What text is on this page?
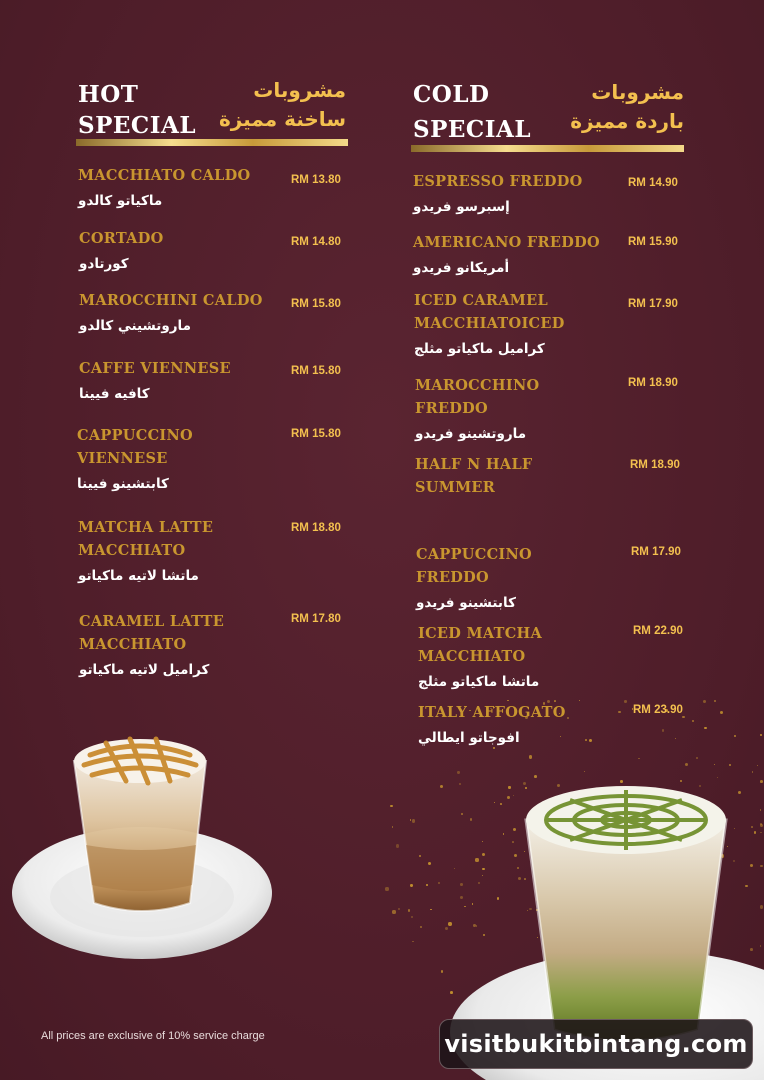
HOT
SPECIAL
مشروبات
ساخنة مميزة
COLD
SPECIAL
مشروبات
باردة مميزة
MACCHIATO CALDO
ماكياتو كالدو
RM 13.80
CORTADO
كورتادو
RM 14.80
MAROCCHINI CALDO
ماروتشيني كالدو
RM 15.80
CAFFE VIENNESE
كافيه فيينا
RM 15.80
CAPPUCCINO VIENNESE
كابتشينو فيينا
RM 15.80
MATCHA LATTE MACCHIATO
ماتشا لاتيه ماكياتو
RM 18.80
CARAMEL LATTE MACCHIATO
كراميل لاتيه ماكياتو
RM 17.80
ESPRESSO FREDDO
إسبرسو فريدو
RM 14.90
AMERICANO FREDDO
أمريكانو فريدو
RM 15.90
ICED CARAMEL MACCHIATOICED
كراميل ماكياتو مثلج
RM 17.90
MAROCCHINO FREDDO
ماروتشينو فريدو
RM 18.90
HALF N HALF SUMMER
RM 18.90
CAPPUCCINO FREDDO
كابتشينو فريدو
RM 17.90
ICED MATCHA MACCHIATO
ماتشا ماكياتو مثلج
RM 22.90
ITALY AFFOGATO
افوجاتو ايطالي
RM 23.90
All prices are exclusive of 10% service charge	visitbukitbintang.com
